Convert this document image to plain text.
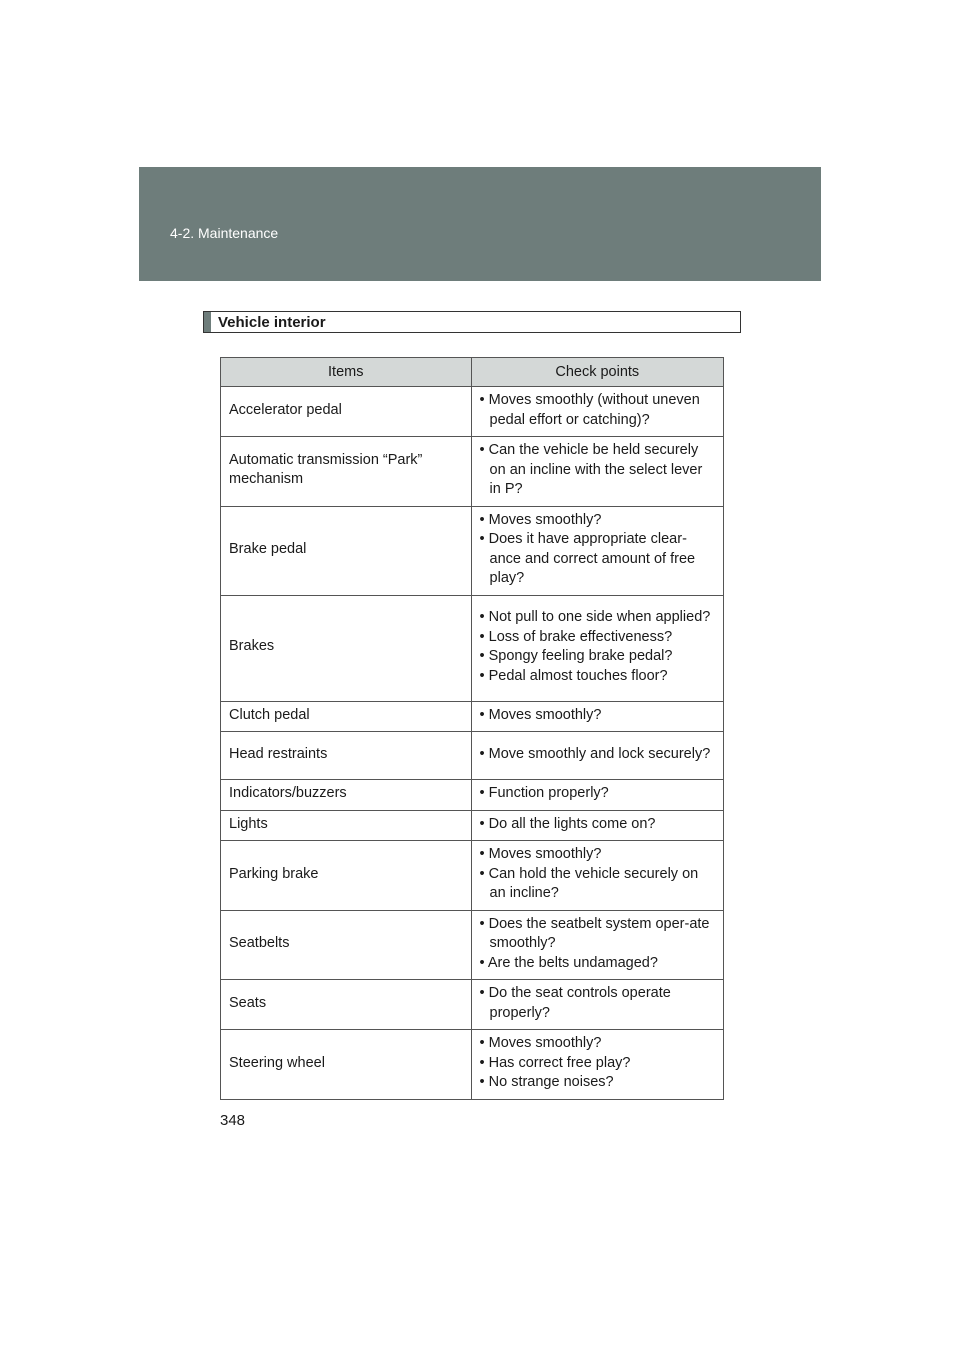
4-2. Maintenance
Vehicle interior
Items	Check points
Accelerator pedal	• Moves smoothly (without uneven pedal effort or catching)?

Automatic transmission “Park” mechanism	• Can the vehicle be held securely on an incline with the select lever in P?

Brake pedal	• Moves smoothly?
• Does it have appropriate clear-ance and correct amount of free play?

Brakes	• Not pull to one side when applied?
• Loss of brake effectiveness?
• Spongy feeling brake pedal?
• Pedal almost touches floor?

Clutch pedal	• Moves smoothly?

Head restraints	• Move smoothly and lock securely?

Indicators/buzzers	• Function properly?

Lights	• Do all the lights come on?

Parking brake	• Moves smoothly?
• Can hold the vehicle securely on an incline?

Seatbelts	• Does the seatbelt system oper-ate smoothly?
• Are the belts undamaged?

Seats	• Do the seat controls operate properly?

Steering wheel	• Moves smoothly?
• Has correct free play?
• No strange noises?
348
